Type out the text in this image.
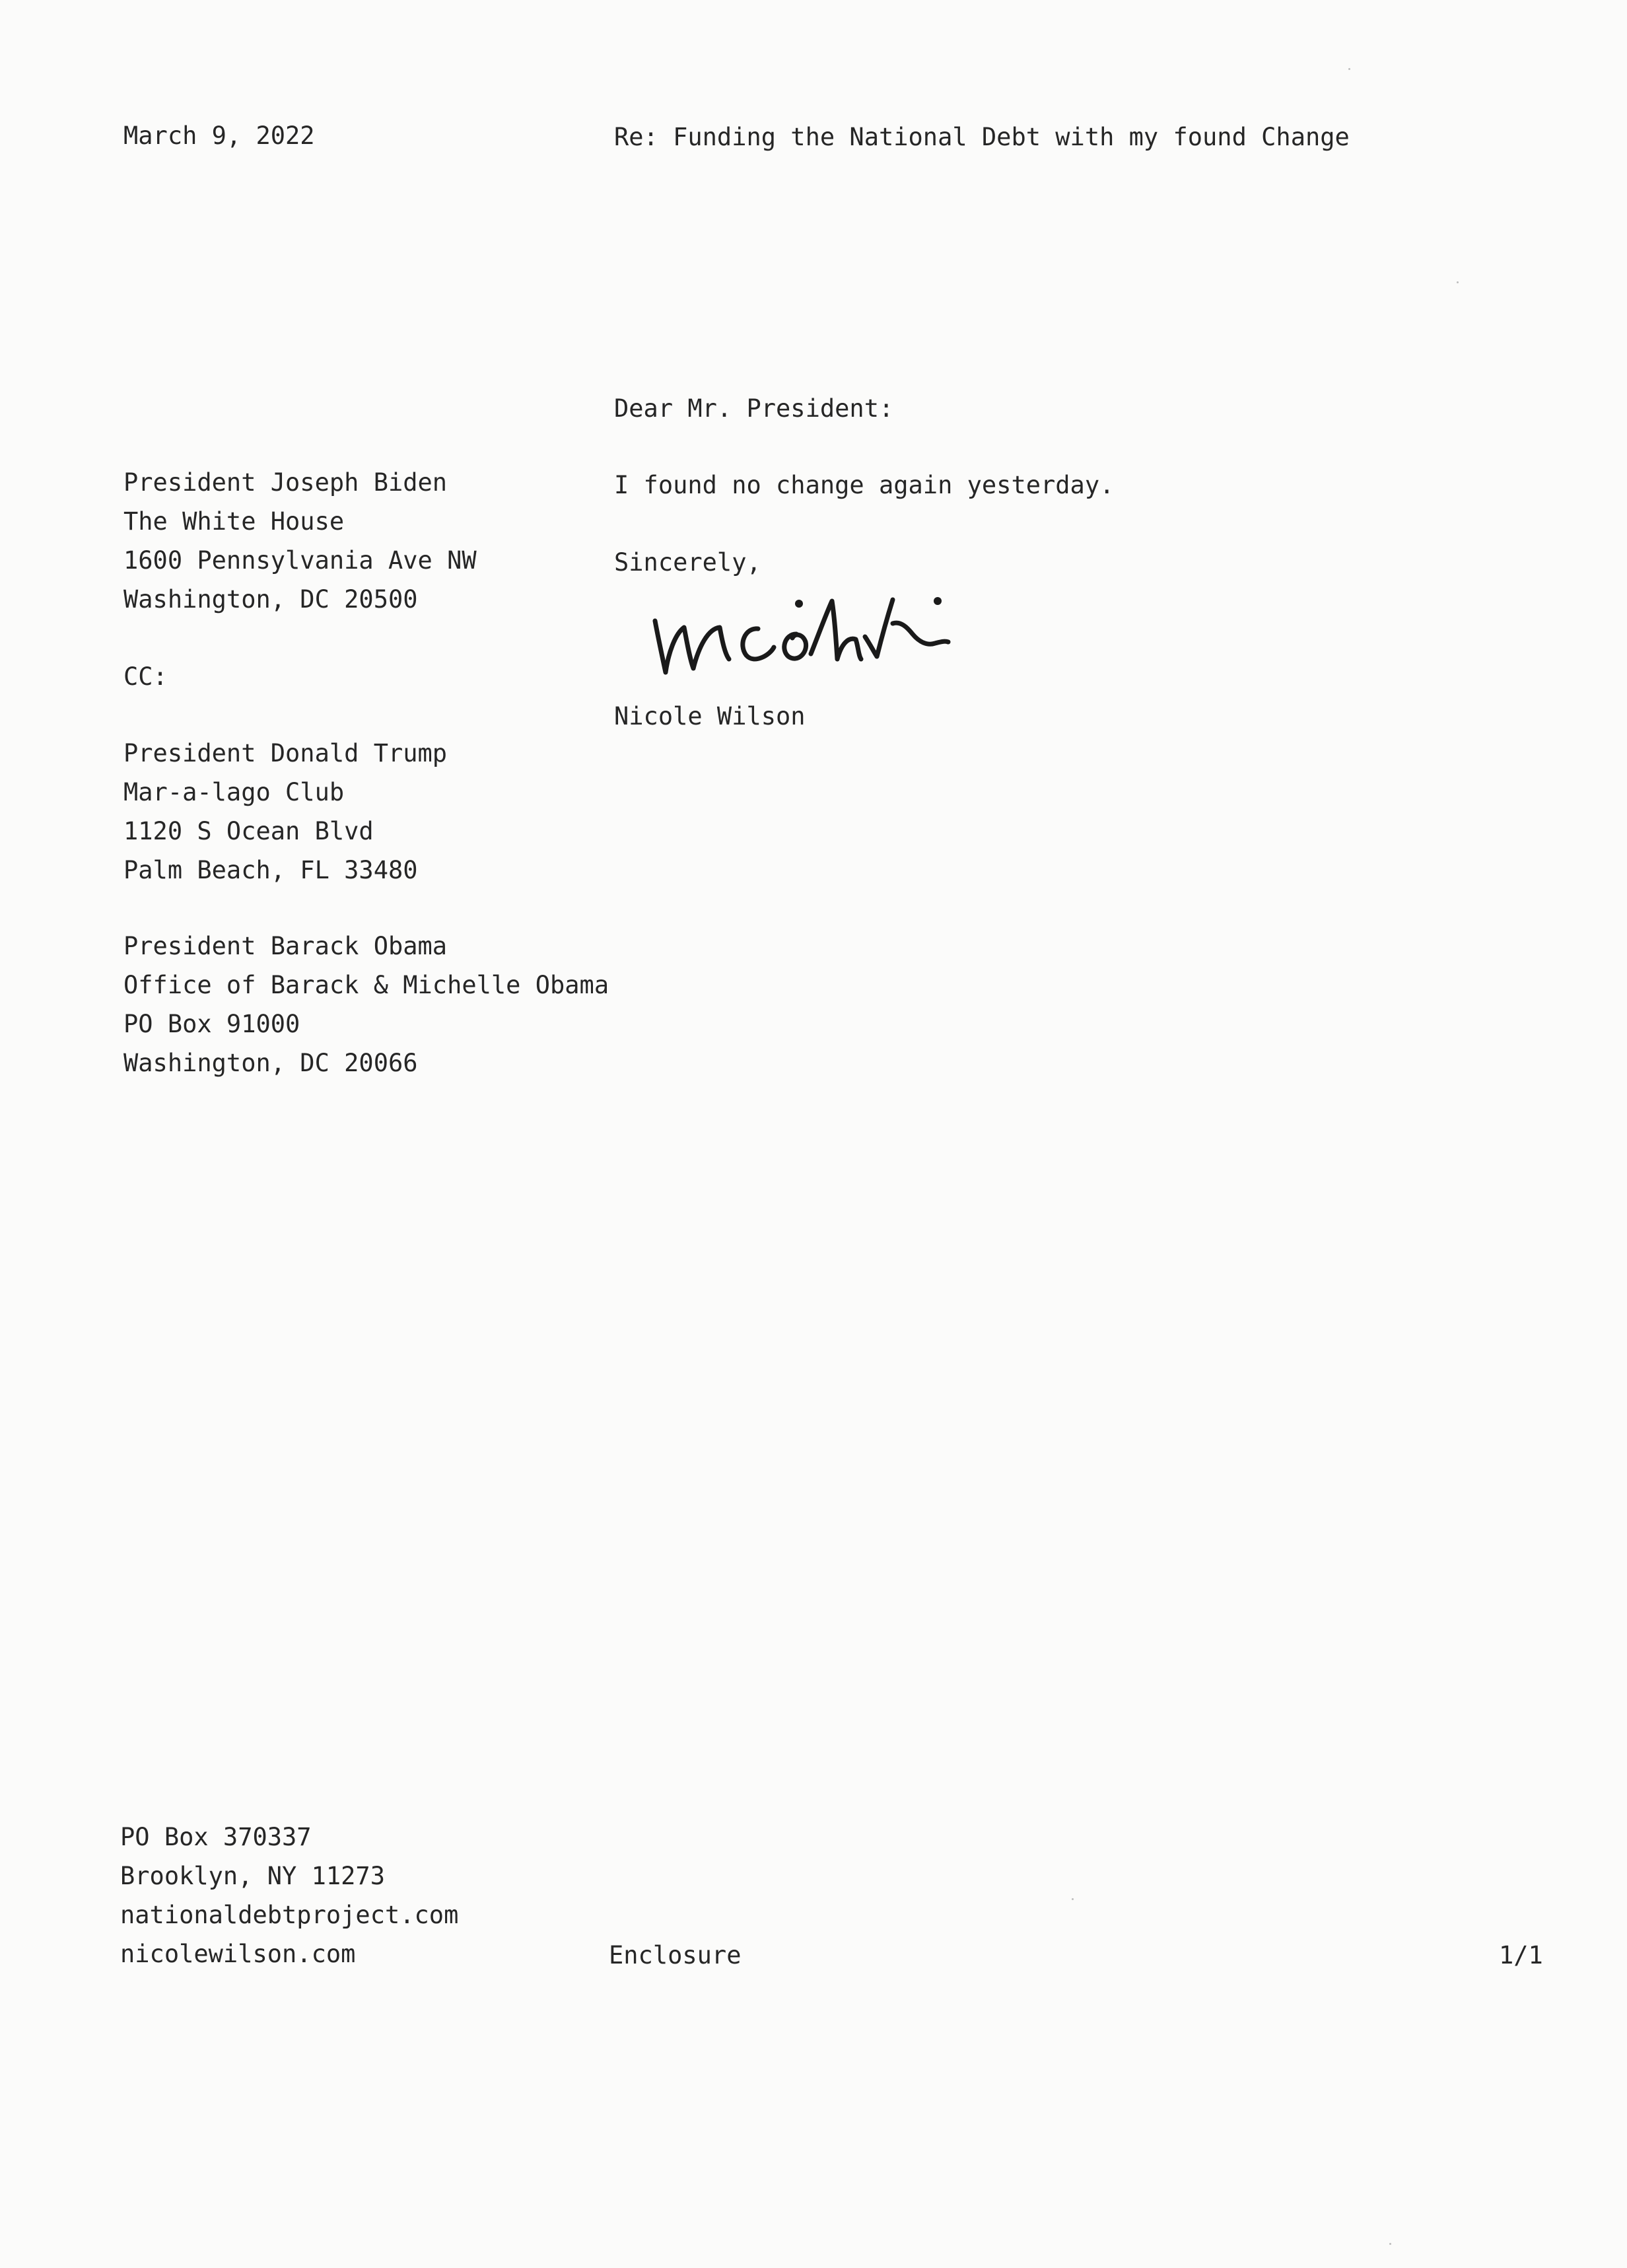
March 9, 2022	Re: Funding the National Debt with my found Change

Dear Mr. President:

I found no change again yesterday.

Sincerely,

Nicole Wilson

President Joseph Biden
The White House
1600 Pennsylvania Ave NW
Washington, DC 20500

CC:

President Donald Trump
Mar-a-lago Club
1120 S Ocean Blvd
Palm Beach, FL 33480
President Barack Obama
Office of Barack & Michelle Obama
PO Box 91000
Washington, DC 20066
PO Box 370337
Brooklyn, NY 11273
nationaldebtproject.com
nicolewilson.com	Enclosure	1/1
